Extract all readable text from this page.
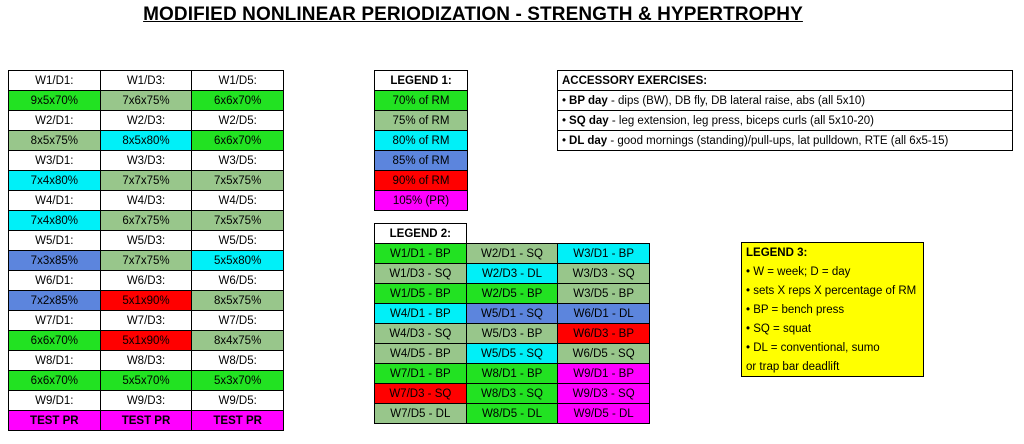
MODIFIED NONLINEAR PERIODIZATION - STRENGTH & HYPERTROPHY
W1/D1:	W1/D3:	W1/D5:
9x5x70%	7x6x75%	6x6x70%
W2/D1:	W2/D3:	W2/D5:
8x5x75%	8x5x80%	6x6x70%
W3/D1:	W3/D3:	W3/D5:
7x4x80%	7x7x75%	7x5x75%
W4/D1:	W4/D3:	W4/D5:
7x4x80%	6x7x75%	7x5x75%
W5/D1:	W5/D3:	W5/D5:
7x3x85%	7x7x75%	5x5x80%
W6/D1:	W6/D3:	W6/D5:
7x2x85%	5x1x90%	8x5x75%
W7/D1:	W7/D3:	W7/D5:
6x6x70%	5x1x90%	8x4x75%
W8/D1:	W8/D3:	W8/D5:
6x6x70%	5x5x70%	5x3x70%
W9/D1:	W9/D3:	W9/D5:
TEST PR	TEST PR	TEST PR
LEGEND 1:
70% of RM
75% of RM
80% of RM
85% of RM
90% of RM
105% (PR)
LEGEND 2:		
W1/D1 - BP	W2/D1 - SQ	W3/D1 - BP
W1/D3 - SQ	W2/D3 - DL	W3/D3 - SQ
W1/D5 - BP	W2/D5 - BP	W3/D5 - BP
W4/D1 - BP	W5/D1 - SQ	W6/D1 - DL
W4/D3 - SQ	W5/D3 - BP	W6/D3 - BP
W4/D5 - BP	W5/D5 - SQ	W6/D5 - SQ
W7/D1 - BP	W8/D1 - BP	W9/D1 - BP
W7/D3 - SQ	W8/D3 - SQ	W9/D3 - SQ
W7/D5 - DL	W8/D5 - DL	W9/D5 - DL
ACCESSORY EXERCISES:
• BP day - dips (BW), DB fly, DB lateral raise, abs (all 5x10)
• SQ day - leg extension, leg press, biceps curls (all 5x10-20)
• DL day - good mornings (standing)/pull-ups, lat pulldown, RTE (all 6x5-15)
LEGEND 3:
• W = week; D = day
• sets X reps X percentage of RM
• BP = bench press
• SQ = squat
• DL = conventional, sumo
or trap bar deadlift
